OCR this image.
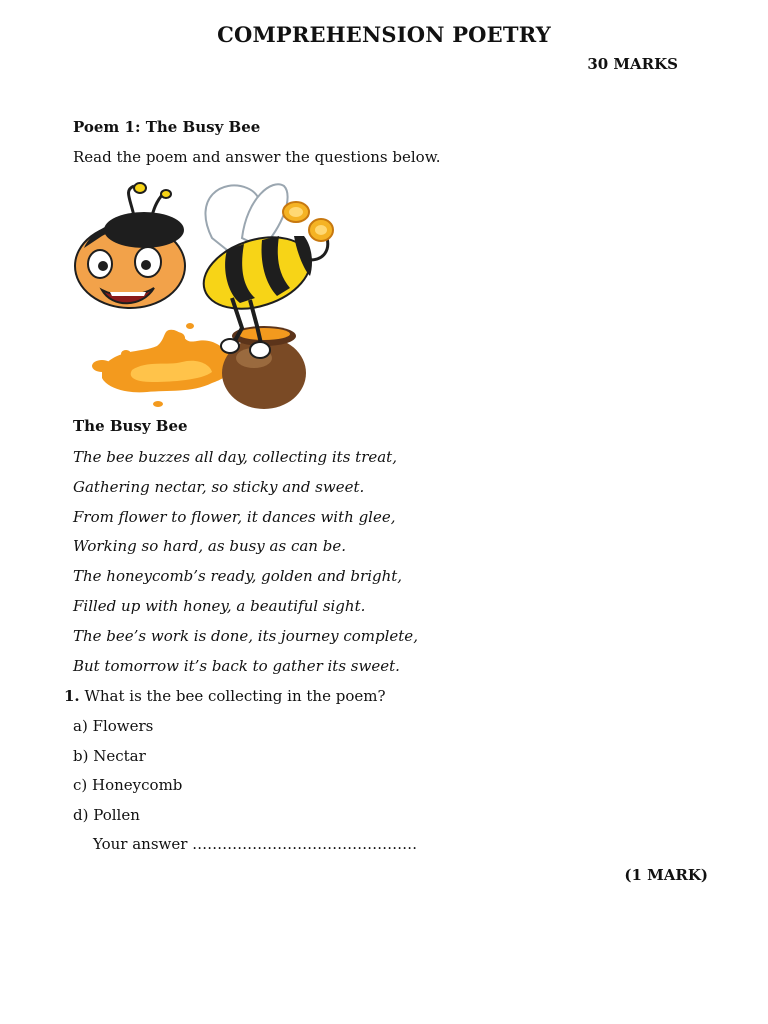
COMPREHENSION POETRY
30 MARKS
Poem 1: The Busy Bee
Read the poem and answer the questions below.
The Busy Bee
The bee buzzes all day, collecting its treat,
Gathering nectar, so sticky and sweet.
From flower to flower, it dances with glee,
Working so hard, as busy as can be.
The honeycomb’s ready, golden and bright,
Filled up with honey, a beautiful sight.
The bee’s work is done, its journey complete,
But tomorrow it’s back to gather its sweet.
1. What is the bee collecting in the poem?
a) Flowers
b) Nectar
c) Honeycomb
d) Pollen
Your answer ………………………………………
(1 MARK)
